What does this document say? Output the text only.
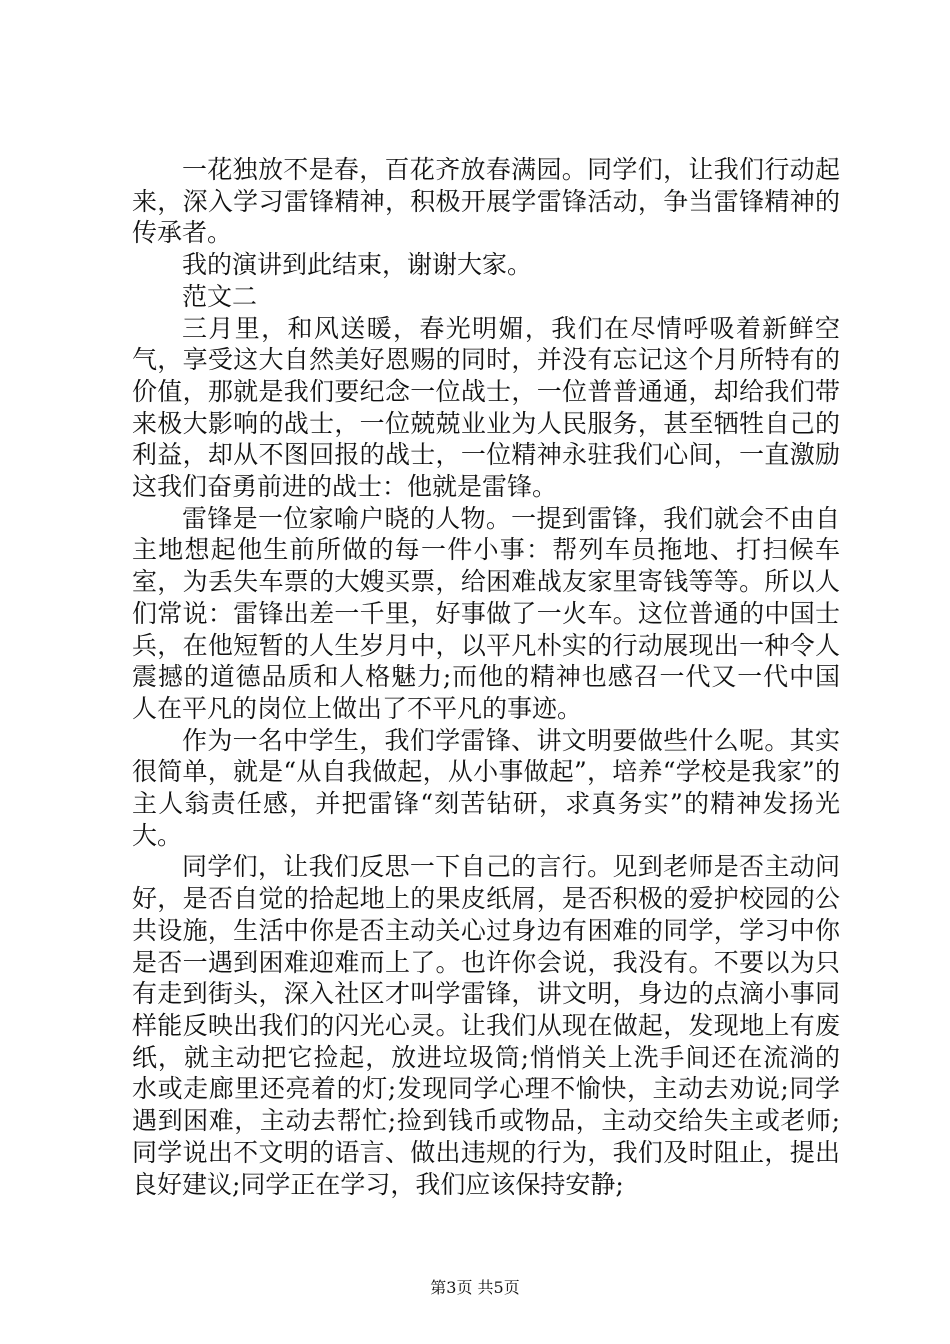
一花独放不是春，百花齐放春满园。同学们，让我们行动起来，深入学习雷锋精神，积极开展学雷锋活动，争当雷锋精神的传承者。

我的演讲到此结束，谢谢大家。

范文二

三月里，和风送暖，春光明媚，我们在尽情呼吸着新鲜空气，享受这大自然美好恩赐的同时，并没有忘记这个月所特有的价值，那就是我们要纪念一位战士，一位普普通通，却给我们带来极大影响的战士，一位兢兢业业为人民服务，甚至牺牲自己的利益，却从不图回报的战士，一位精神永驻我们心间，一直激励这我们奋勇前进的战士：他就是雷锋。

雷锋是一位家喻户晓的人物。一提到雷锋，我们就会不由自主地想起他生前所做的每一件小事：帮列车员拖地、打扫候车室，为丢失车票的大嫂买票，给困难战友家里寄钱等等。所以人们常说：雷锋出差一千里，好事做了一火车。这位普通的中国士兵，在他短暂的人生岁月中，以平凡朴实的行动展现出一种令人震撼的道德品质和人格魅力;而他的精神也感召一代又一代中国人在平凡的岗位上做出了不平凡的事迹。

作为一名中学生，我们学雷锋、讲文明要做些什么呢。其实很简单，就是“从自我做起，从小事做起”，培养“学校是我家”的主人翁责任感，并把雷锋“刻苦钻研，求真务实”的精神发扬光大。

同学们，让我们反思一下自己的言行。见到老师是否主动问好，是否自觉的拾起地上的果皮纸屑，是否积极的爱护校园的公共设施，生活中你是否主动关心过身边有困难的同学，学习中你是否一遇到困难迎难而上了。也许你会说，我没有。不要以为只有走到街头，深入社区才叫学雷锋，讲文明，身边的点滴小事同样能反映出我们的闪光心灵。让我们从现在做起，发现地上有废纸，就主动把它捡起，放进垃圾筒;悄悄关上洗手间还在流淌的水或走廊里还亮着的灯;发现同学心理不愉快，主动去劝说;同学遇到困难，主动去帮忙;捡到钱币或物品，主动交给失主或老师;同学说出不文明的语言、做出违规的行为，我们及时阻止，提出良好建议;同学正在学习，我们应该保持安静;

第3页 共5页
